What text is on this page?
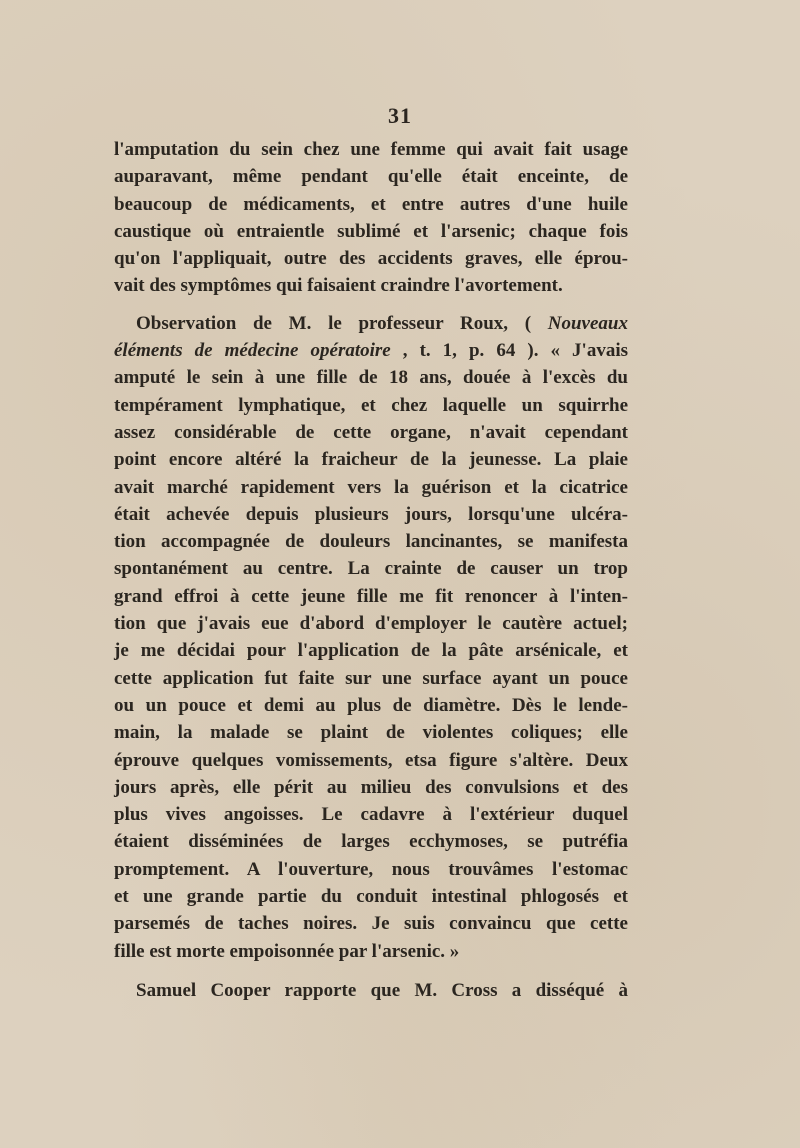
31
l'amputation du sein chez une femme qui avait fait usage
auparavant, même pendant qu'elle était enceinte, de
beaucoup de médicaments, et entre autres d'une huile
caustique où entraientle sublimé et l'arsenic; chaque fois
qu'on l'appliquait, outre des accidents graves, elle éprou-
vait des symptômes qui faisaient craindre l'avortement.
Observation de M. le professeur Roux, ( Nouveaux
éléments de médecine opératoire , t. 1, p. 64 ). « J'avais
amputé le sein à une fille de 18 ans, douée à l'excès du
tempérament lymphatique, et chez laquelle un squirrhe
assez considérable de cette organe, n'avait cependant
point encore altéré la fraicheur de la jeunesse. La plaie
avait marché rapidement vers la guérison et la cicatrice
était achevée depuis plusieurs jours, lorsqu'une ulcéra-
tion accompagnée de douleurs lancinantes, se manifesta
spontanément au centre. La crainte de causer un trop
grand effroi à cette jeune fille me fit renoncer à l'inten-
tion que j'avais eue d'abord d'employer le cautère actuel;
je me décidai pour l'application de la pâte arsénicale, et
cette application fut faite sur une surface ayant un pouce
ou un pouce et demi au plus de diamètre. Dès le lende-
main, la malade se plaint de violentes coliques; elle
éprouve quelques vomissements, etsa figure s'altère. Deux
jours après, elle périt au milieu des convulsions et des
plus vives angoisses. Le cadavre à l'extérieur duquel
étaient disséminées de larges ecchymoses, se putréfia
promptement. A l'ouverture, nous trouvâmes l'estomac
et une grande partie du conduit intestinal phlogosés et
parsemés de taches noires. Je suis convaincu que cette
fille est morte empoisonnée par l'arsenic. »
Samuel Cooper rapporte que M. Cross a disséqué à
